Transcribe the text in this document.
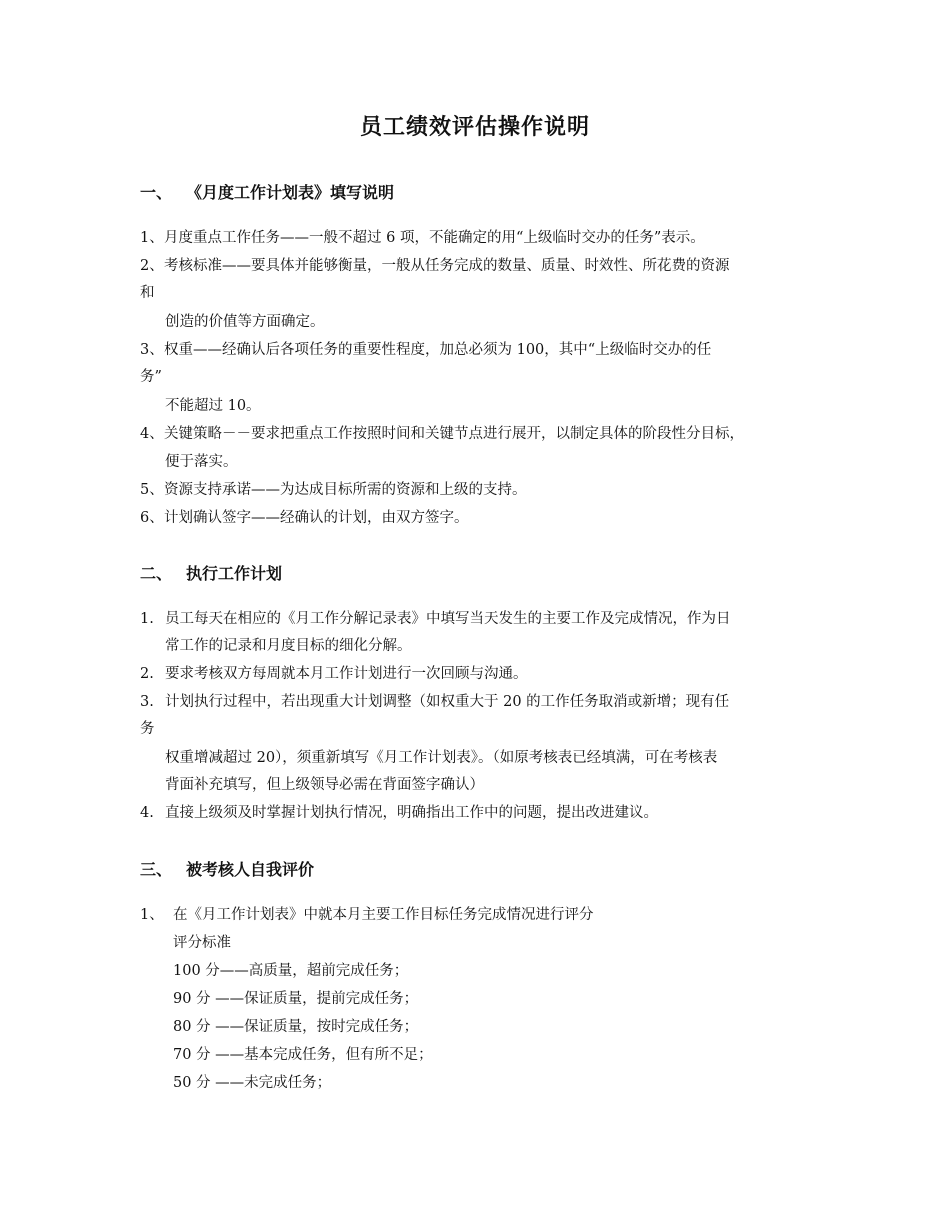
员工绩效评估操作说明
一、 《月度工作计划表》填写说明
1、月度重点工作任务——一般不超过 6 项，不能确定的用“上级临时交办的任务”表示。
2、考核标准——要具体并能够衡量，一般从任务完成的数量、质量、时效性、所花费的资源
和
创造的价值等方面确定。
3、权重——经确认后各项任务的重要性程度，加总必须为 100，其中“上级临时交办的任
务”
不能超过 10。
4、关键策略－－要求把重点工作按照时间和关键节点进行展开，以制定具体的阶段性分目标，
便于落实。
5、资源支持承诺——为达成目标所需的资源和上级的支持。
6、计划确认签字——经确认的计划，由双方签字。
二、 执行工作计划
1. 员工每天在相应的《月工作分解记录表》中填写当天发生的主要工作及完成情况，作为日
常工作的记录和月度目标的细化分解。
2. 要求考核双方每周就本月工作计划进行一次回顾与沟通。
3. 计划执行过程中，若出现重大计划调整（如权重大于 20 的工作任务取消或新增；现有任
务
权重增减超过 20），须重新填写《月工作计划表》。（如原考核表已经填满，可在考核表
背面补充填写，但上级领导必需在背面签字确认）
4. 直接上级须及时掌握计划执行情况，明确指出工作中的问题，提出改进建议。
三、 被考核人自我评价
1、 在《月工作计划表》中就本月主要工作目标任务完成情况进行评分
评分标准
100 分——高质量，超前完成任务；
90 分 ——保证质量，提前完成任务；
80 分 ——保证质量，按时完成任务；
70 分 ——基本完成任务，但有所不足；
50 分 ——未完成任务；
